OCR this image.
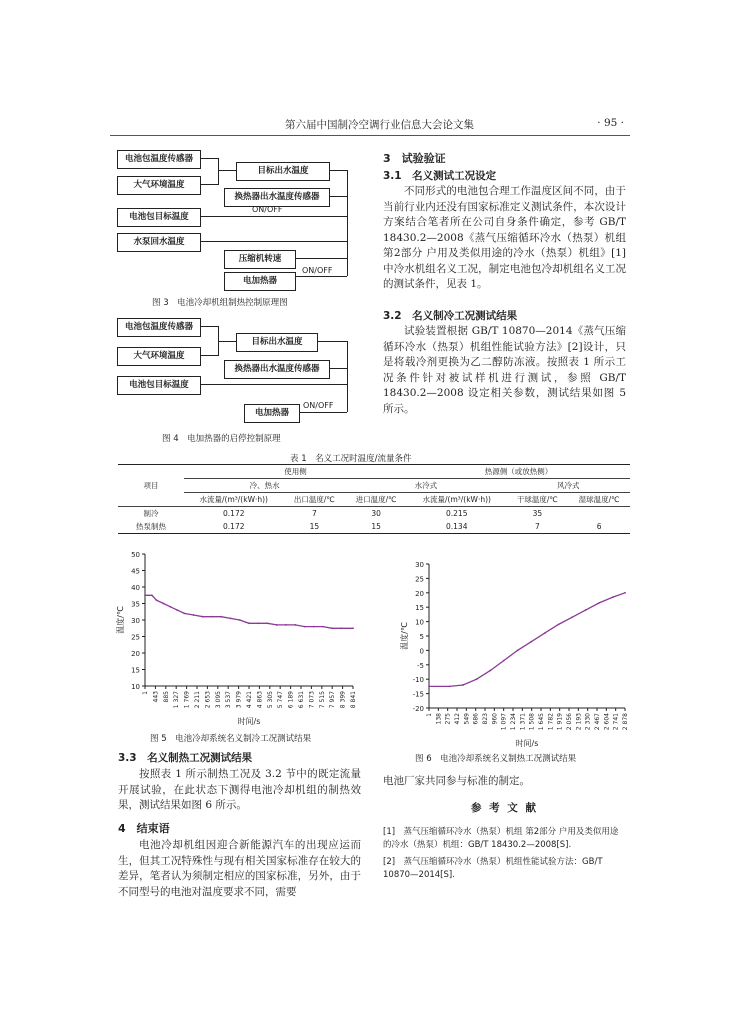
第六届中国制冷空调行业信息大会论文集	· 95 ·
电池包温度传感器
大气环境温度
目标出水温度
换热器出水温度传感器
电池包目标温度
水泵回水温度
压缩机转速
电加热器
ON/OFF
ON/OFF
图 3　电池冷却机组制热控制原理图
电池包温度传感器
大气环境温度
目标出水温度
换热器出水温度传感器
电池包目标温度
电加热器
ON/OFF
图 4　电加热器的启停控制原理
3　试验验证
3.1　名义测试工况设定
不同形式的电池包合理工作温度区间不同，由于当前行业内还没有国家标准定义测试条件，本次设计方案结合笔者所在公司自身条件确定，参考 GB/T 18430.2—2008《蒸气压缩循环冷水（热泵）机组 第2部分 户用及类似用途的冷水（热泵）机组》[1]中冷水机组名义工况，制定电池包冷却机组名义工况的测试条件，见表 1。
3.2　名义制冷工况测试结果
试验装置根据 GB/T 10870—2014《蒸气压缩循环冷水（热泵）机组性能试验方法》[2]设计，只是将载冷剂更换为乙二醇防冻液。按照表 1 所示工况条件针对被试样机进行测试，参照 GB/T 18430.2—2008 设定相关参数，测试结果如图 5 所示。
表 1　名义工况时温度/流量条件
项目	使用侧			热源侧（或放热侧）		
	冷、热水		水冷式		风冷式	
	水流量/(m³/(kW·h))	出口温度/℃	进口温度/℃	水流量/(m³/(kW·h))	干球温度/℃	湿球温度/℃
制冷	0.172	7	30	0.215	35	
热泵制热	0.172	15	15	0.134	7	6
10
15
20
25
30
35
40
45
50
1 443 885 1 327 1 769 2 211 2 653 3 095 3 537 3 979 4 421 4 863 5 305 5 747 6 189 6 631 7 073 7 515 7 957 8 399 8 841
温度/℃
时间/s
图 5　电池冷却系统名义制冷工况测试结果
-20
-15
-10
-5
0
5
10
15
20
25
30
1 138 275 412 549 686 823 960 1 097 1 234 1 371 1 508 1 645 1 782 1 919 2 056 2 193 2 330 2 467 2 604 2 741 2 878
温度/℃
时间/s
图 6　电池冷却系统名义制热工况测试结果
3.3　名义制热工况测试结果
按照表 1 所示制热工况及 3.2 节中的既定流量开展试验，在此状态下测得电池冷却机组的制热效果，测试结果如图 6 所示。
4　结束语
电池冷却机组因迎合新能源汽车的出现应运而生，但其工况特殊性与现有相关国家标准存在较大的差异，笔者认为须制定相应的国家标准，另外，由于不同型号的电池对温度要求不同，需要
电池厂家共同参与标准的制定。
参 考 文 献
[1]　蒸气压缩循环冷水（热泵）机组 第2部分 户用及类似用途的冷水（热泵）机组：GB/T 18430.2—2008[S].
[2]　蒸气压缩循环冷水（热泵）机组性能试验方法：GB/T 10870—2014[S].
